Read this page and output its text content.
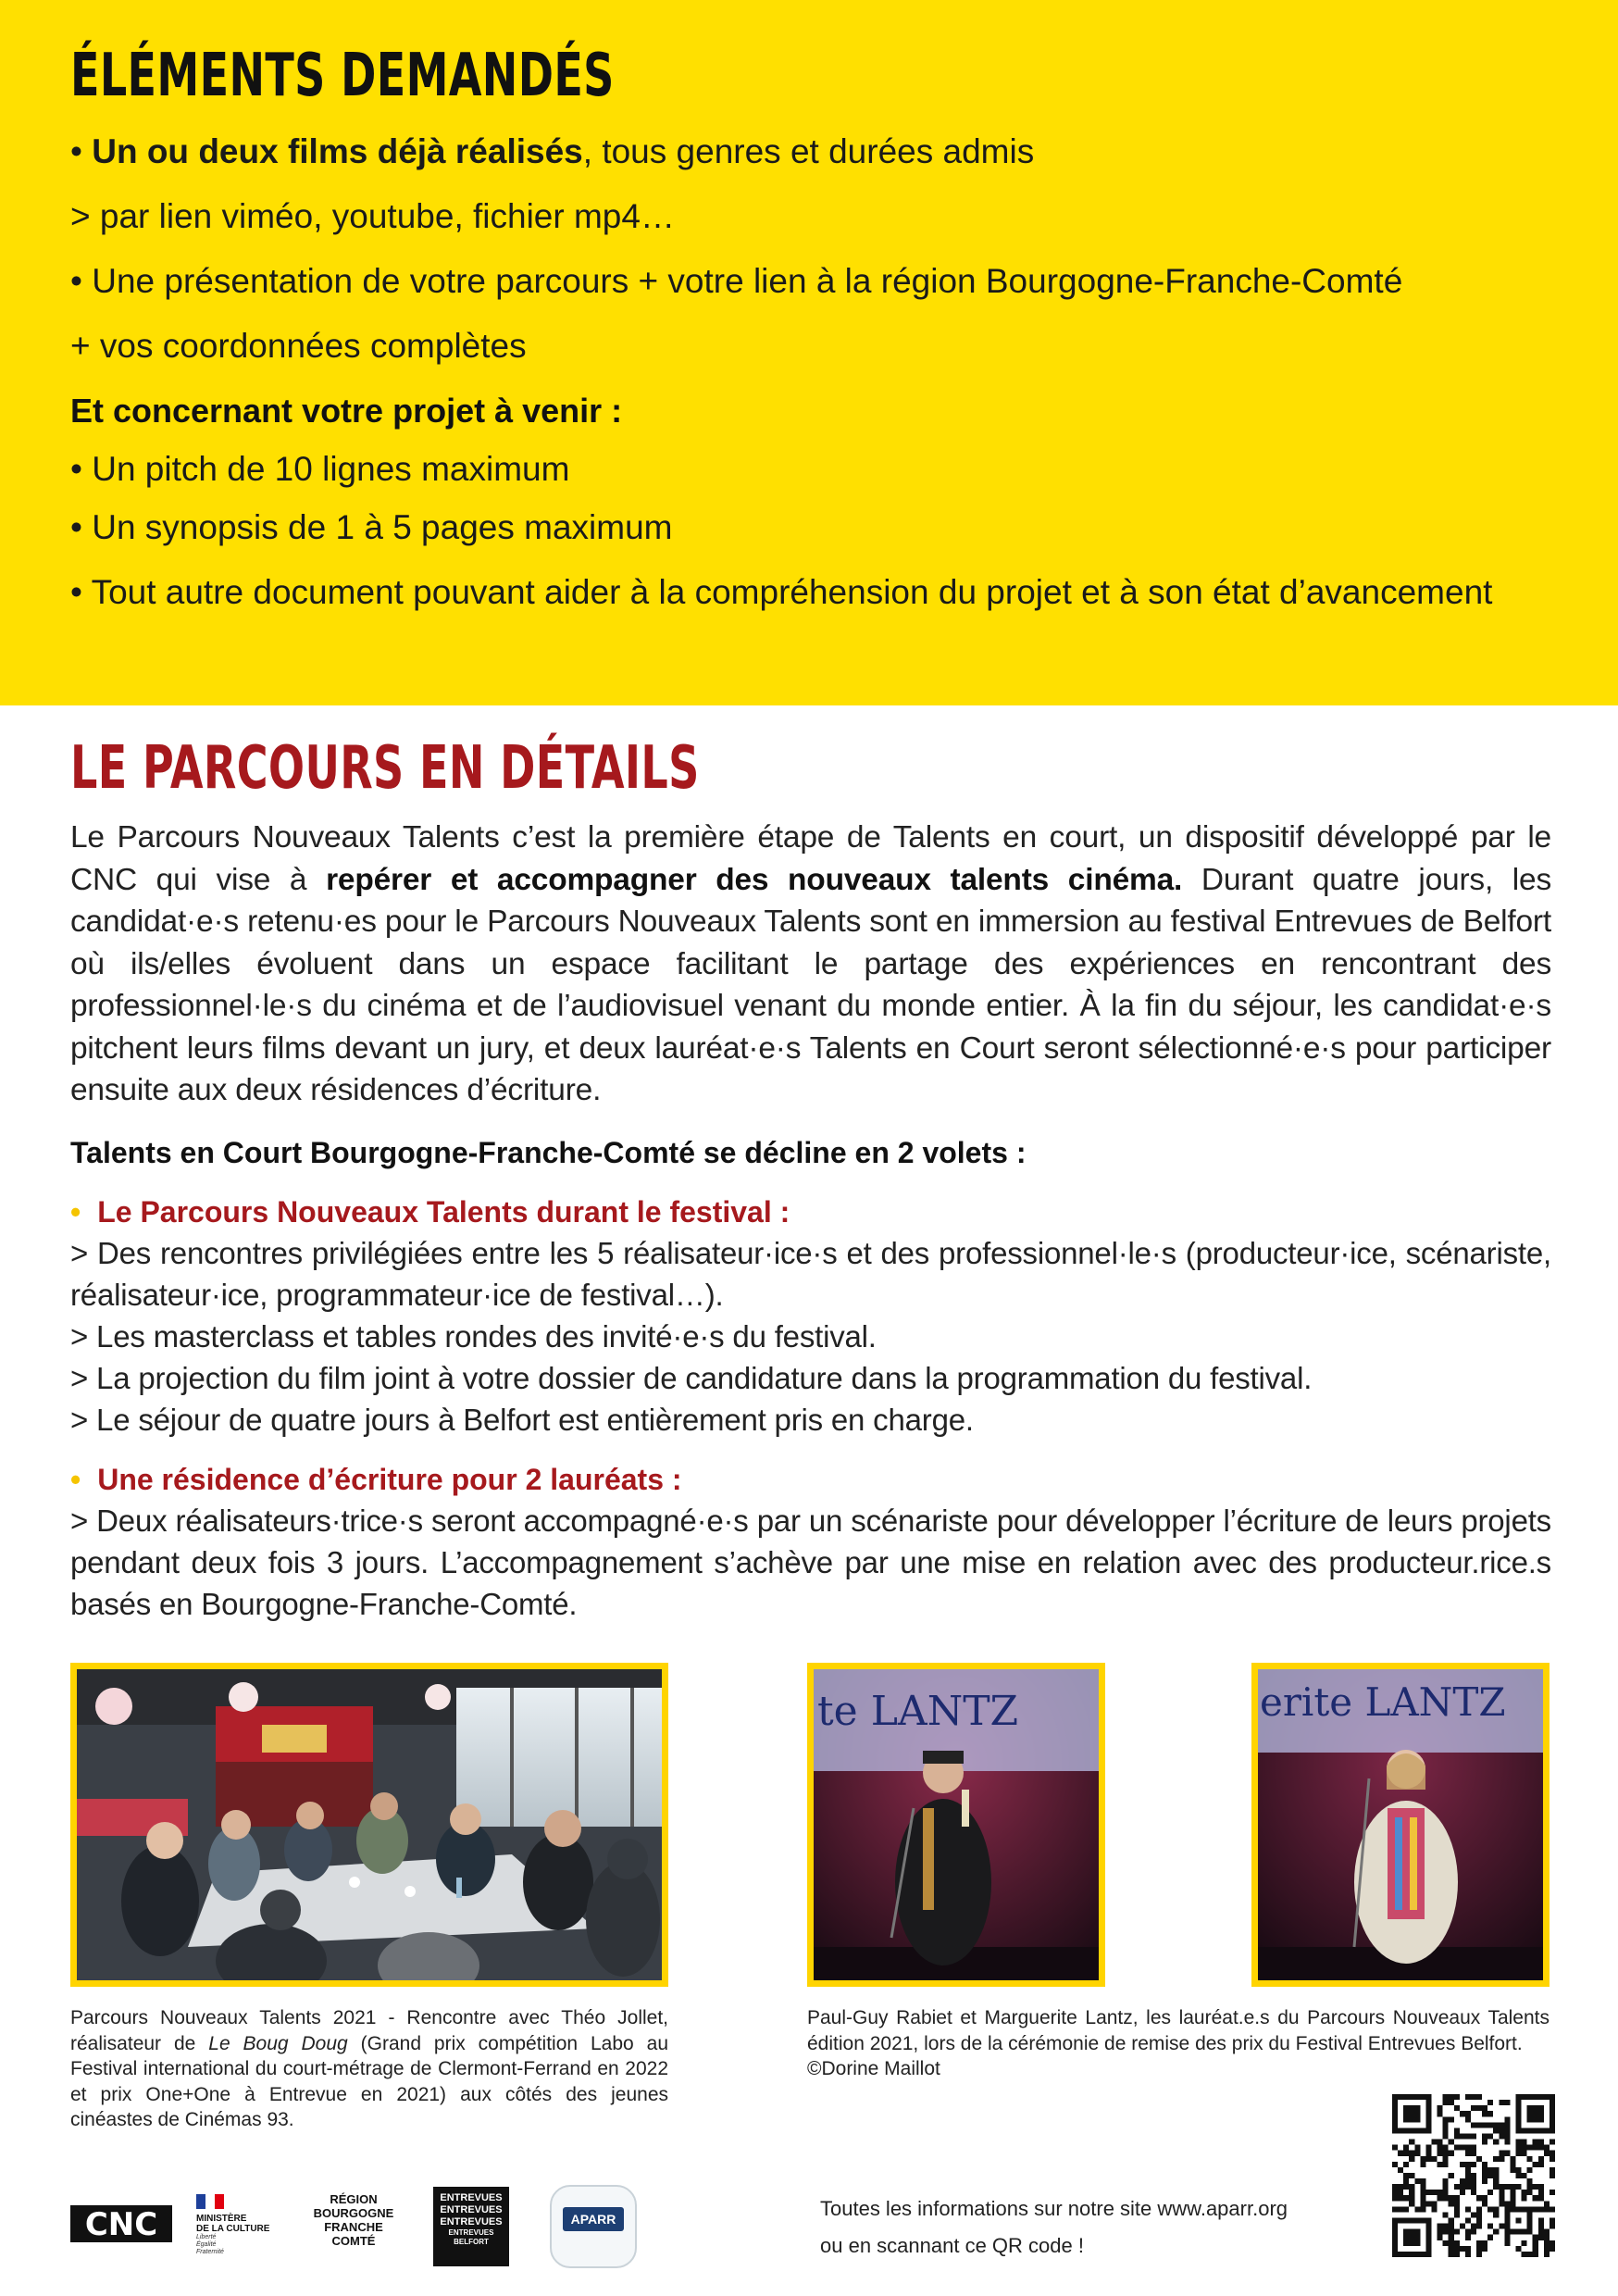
ÉLÉMENTS DEMANDÉS
• Un ou deux films déjà réalisés, tous genres et durées admis
> par lien viméo, youtube, fichier mp4…
• Une présentation de votre parcours + votre lien à la région Bourgogne-Franche-Comté
+ vos coordonnées complètes
Et concernant votre projet à venir :
• Un pitch de 10 lignes maximum
• Un synopsis de 1 à 5 pages maximum
• Tout autre document pouvant aider à la compréhension du projet et à son état d’avancement
LE PARCOURS EN DÉTAILS

Le Parcours Nouveaux Talents c’est la première étape de Talents en court, un dispositif développé par le CNC qui vise à repérer et accompagner des nouveaux talents cinéma. Durant quatre jours, les candidat·e·s retenu·es pour le Parcours Nouveaux Talents sont en immersion au festival Entrevues de Belfort où ils/elles évoluent dans un espace facilitant le partage des expériences en rencontrant des professionnel·le·s du cinéma et de l’audiovisuel venant du monde entier. À la fin du séjour, les candidat·e·s pitchent leurs films devant un jury, et deux lauréat·e·s Talents en Court seront sélectionné·e·s pour participer ensuite aux deux résidences d’écriture.

Talents en Court Bourgogne-Franche-Comté se décline en 2 volets :
• Le Parcours Nouveaux Talents durant le festival :
> Des rencontres privilégiées entre les 5 réalisateur·ice·s et des professionnel·le·s (producteur·ice, scénariste, réalisateur·ice, programmateur·ice de festival…).
> Les masterclass et tables rondes des invité·e·s du festival.
> La projection du film joint à votre dossier de candidature dans la programmation du festival.
> Le séjour de quatre jours à Belfort est entièrement pris en charge.
• Une résidence d’écriture pour 2 lauréats :
> Deux réalisateurs·trice·s seront accompagné·e·s par un scénariste pour développer l’écriture de leurs projets pendant deux fois 3 jours. L’accompagnement s’achève par une mise en relation avec des producteur.rice.s basés en Bourgogne-Franche-Comté.
te LANTZ	erite LANTZ
Parcours Nouveaux Talents 2021 - Rencontre avec Théo Jollet, réalisateur de Le Boug Doug (Grand prix compétition Labo au Festival international du court-métrage de Clermont-Ferrand en 2022 et prix One+One à Entrevue en 2021) aux côtés des jeunes cinéastes de Cinémas 93.
Paul-Guy Rabiet et Marguerite Lantz, les lauréat.e.s du Parcours Nouveaux Talents édition 2021, lors de la cérémonie de remise des prix du Festival Entrevues Belfort.
©Dorine Maillot
CNC	MINISTÈRE
DE LA CULTURE
Liberté
Égalité
Fraternité
RÉGION
BOURGOGNE
FRANCHE
COMTÉ
ENTREVUES
ENTREVUES
ENTREVUES
ENTREVUES BELFORT
APARR	Toutes les informations sur notre site www.aparr.org
ou en scannant ce QR code !
